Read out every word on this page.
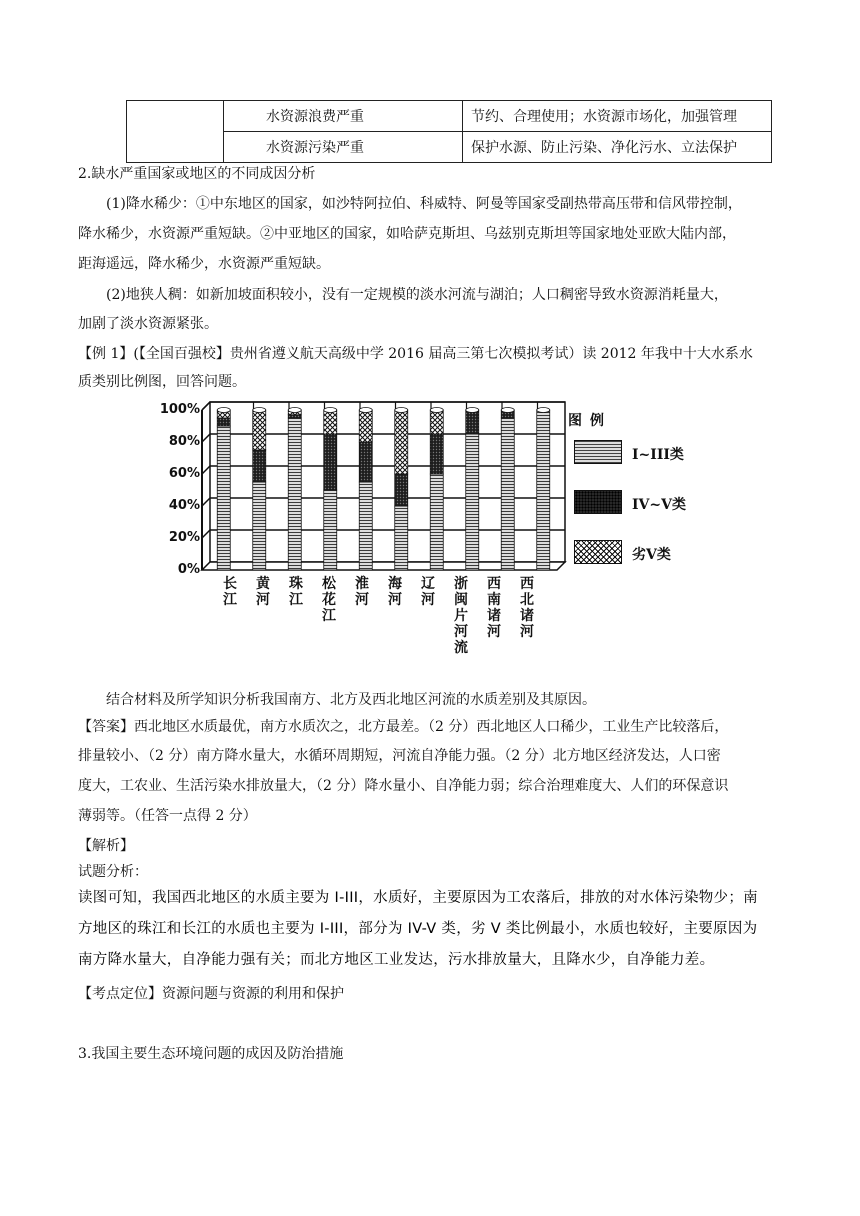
	水资源浪费严重	节约、合理使用；水资源市场化，加强管理
	水资源污染严重	保护水源、防止污染、净化污水、立法保护
2.缺水严重国家或地区的不同成因分析
(1)降水稀少：①中东地区的国家，如沙特阿拉伯、科威特、阿曼等国家受副热带高压带和信风带控制，
降水稀少，水资源严重短缺。②中亚地区的国家，如哈萨克斯坦、乌兹别克斯坦等国家地处亚欧大陆内部，
距海遥远，降水稀少，水资源严重短缺。
(2)地狭人稠：如新加坡面积较小，没有一定规模的淡水河流与湖泊；人口稠密导致水资源消耗量大，
加剧了淡水资源紧张。
【例 1】(【全国百强校】贵州省遵义航天高级中学 2016 届高三第七次模拟考试）读 2012 年我中十大水系水
质类别比例图，回答问题。
0%
20%
40%
60%
80%
100%
长江
黄河
珠江
松花江
淮河
海河
辽河
浙闽片河流
西南诸河
西北诸河
图例
I~III类
IV~V类
劣V类
结合材料及所学知识分析我国南方、北方及西北地区河流的水质差别及其原因。
【答案】西北地区水质最优，南方水质次之，北方最差。（2 分）西北地区人口稀少，工业生产比较落后，
排量较小、（2 分）南方降水量大，水循环周期短，河流自净能力强。（2 分）北方地区经济发达，人口密
度大，工农业、生活污染水排放量大，（2 分）降水量小、自净能力弱；综合治理难度大、人们的环保意识
薄弱等。（任答一点得 2 分）
【解析】
试题分析：
读图可知，我国西北地区的水质主要为 I-III，水质好，主要原因为工农落后，排放的对水体污染物少；南
方地区的珠江和长江的水质也主要为 I-III，部分为 IV-V 类，劣 V 类比例最小，水质也较好，主要原因为
南方降水量大，自净能力强有关；而北方地区工业发达，污水排放量大，且降水少，自净能力差。
【考点定位】资源问题与资源的利用和保护
3.我国主要生态环境问题的成因及防治措施
